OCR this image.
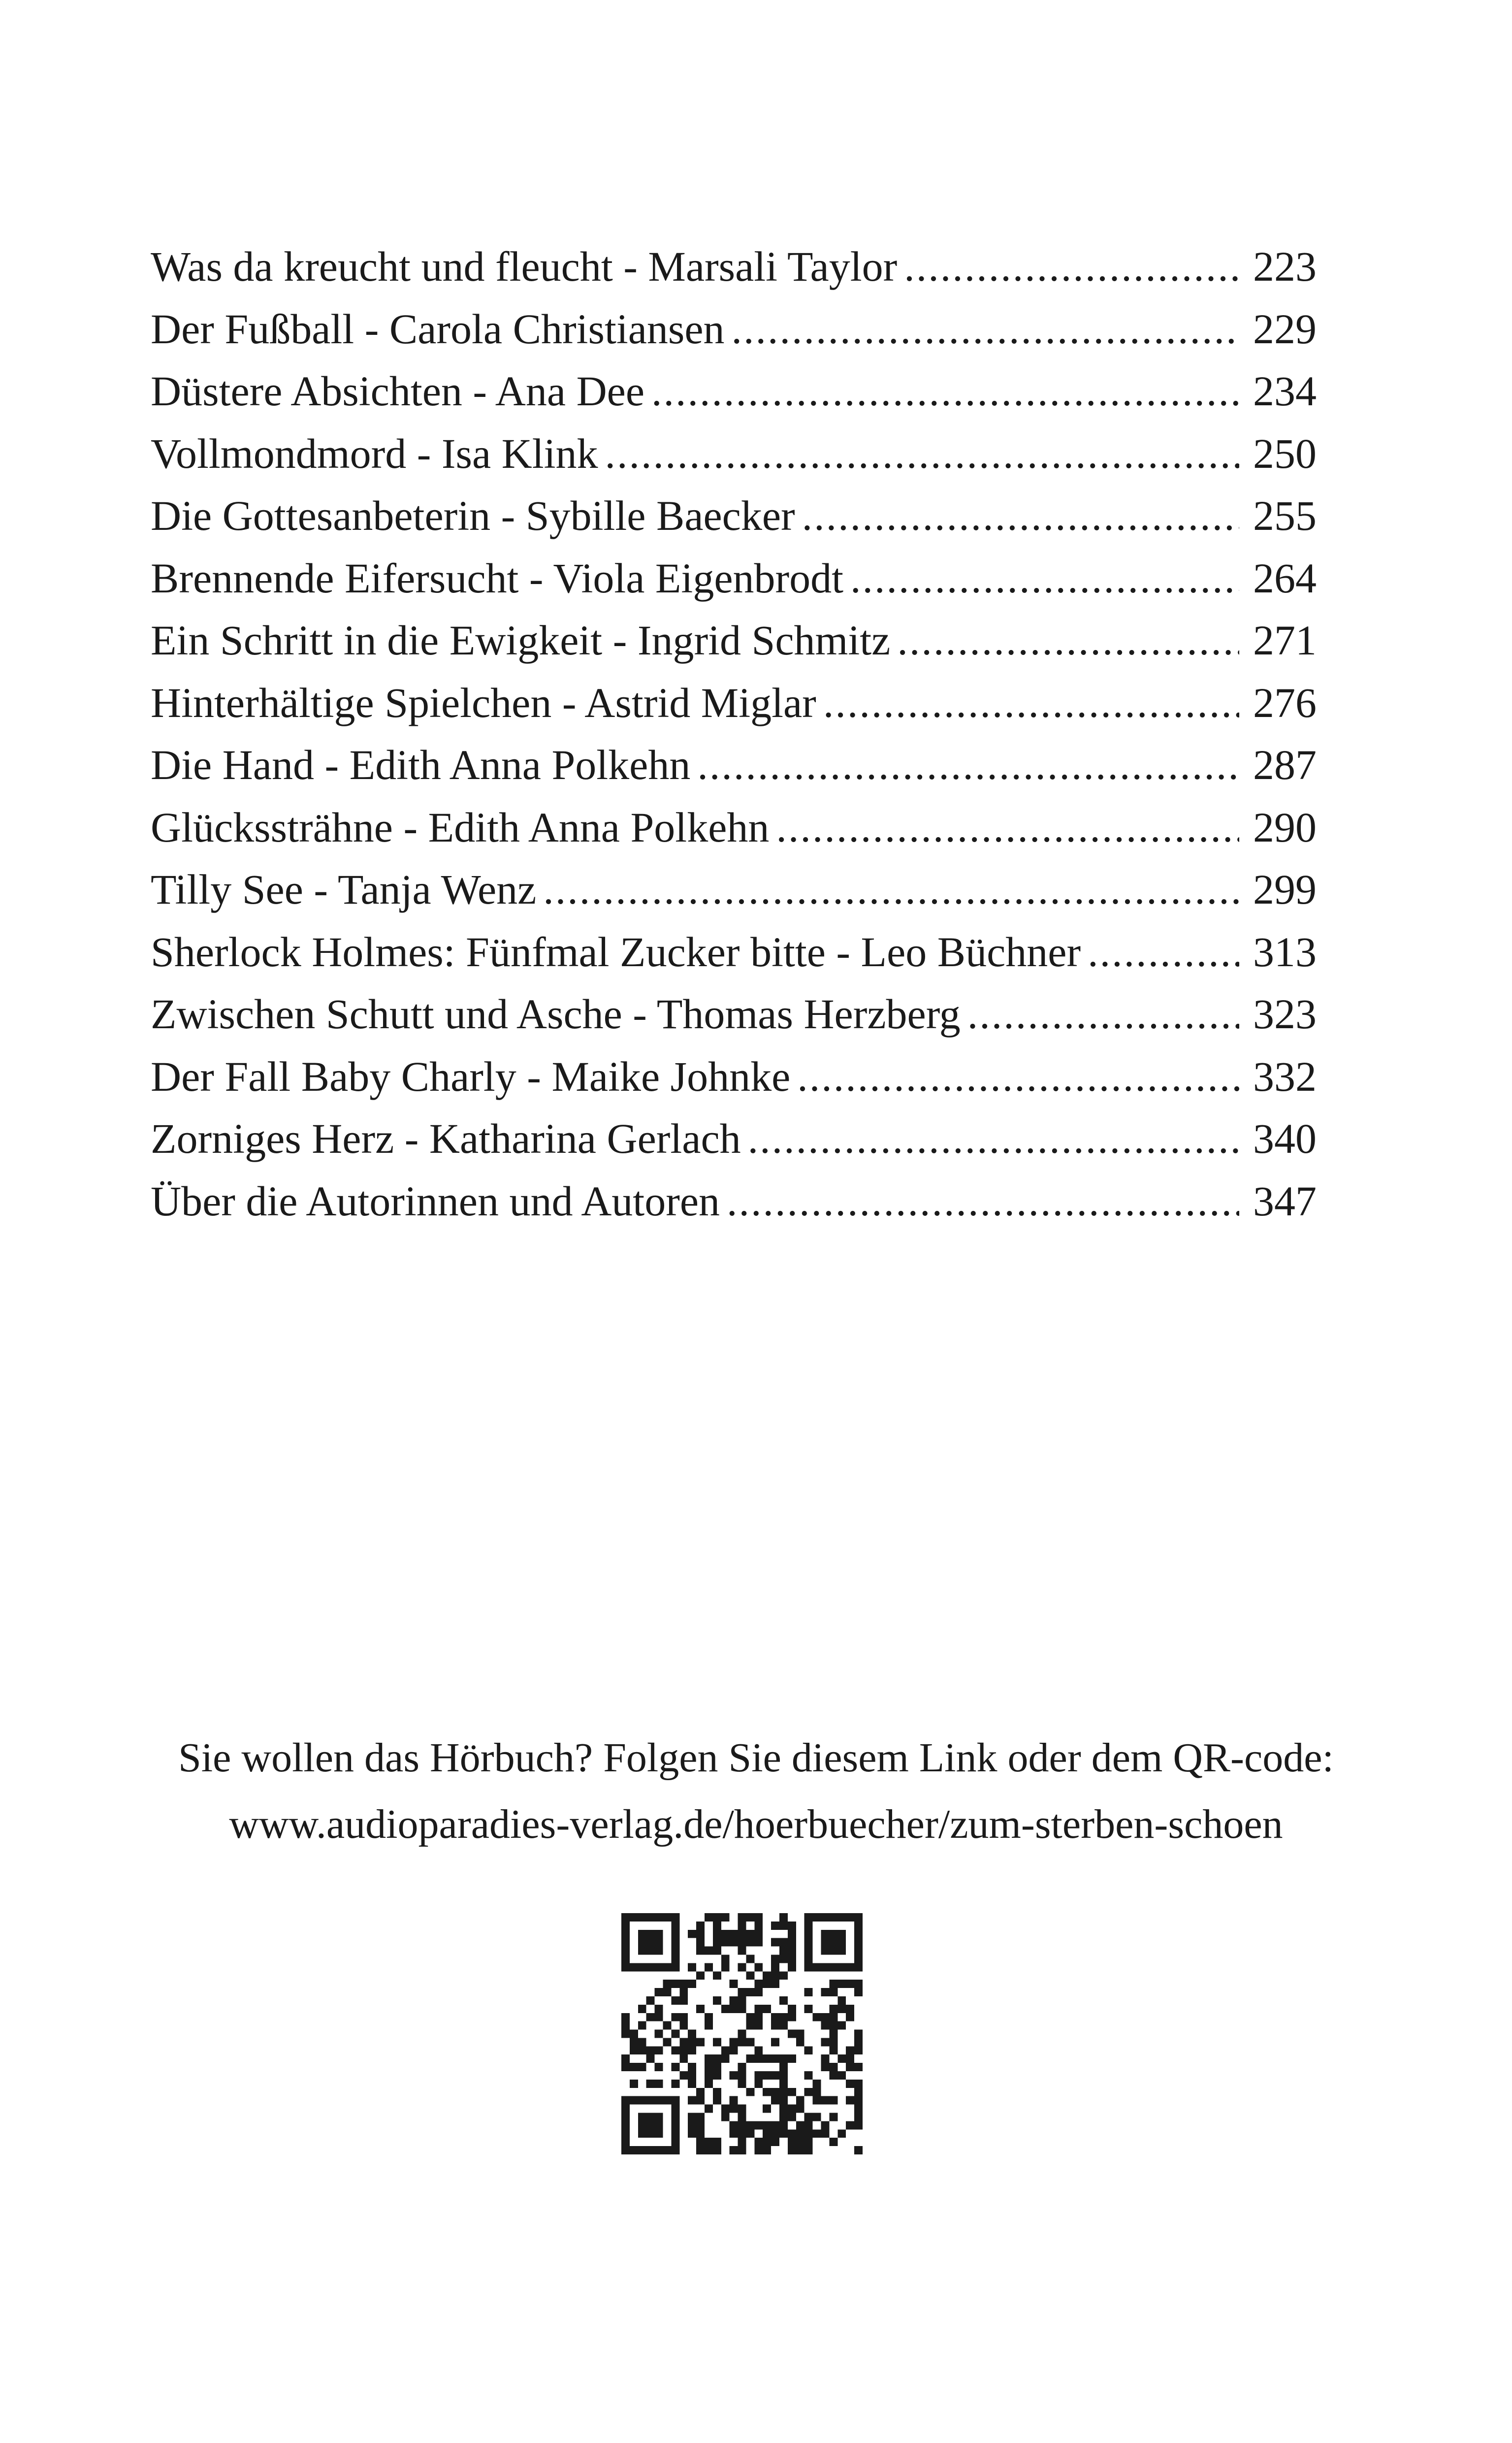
Was da kreucht und fleucht - Marsali Taylor .....	223
Der Fußball - Carola Christiansen .....	229
Düstere Absichten - Ana Dee .....	234
Vollmondmord - Isa Klink .....	250
Die Gottesanbeterin - Sybille Baecker .....	255
Brennende Eifersucht - Viola Eigenbrodt .....	264
Ein Schritt in die Ewigkeit - Ingrid Schmitz .....	271
Hinterhältige Spielchen - Astrid Miglar .....	276
Die Hand - Edith Anna Polkehn .....	287
Glückssträhne - Edith Anna Polkehn .....	290
Tilly See - Tanja Wenz .....	299
Sherlock Holmes: Fünfmal Zucker bitte - Leo Büchner .....	313
Zwischen Schutt und Asche - Thomas Herzberg .....	323
Der Fall Baby Charly - Maike Johnke .....	332
Zorniges Herz - Katharina Gerlach .....	340
Über die Autorinnen und Autoren .....	347
Sie wollen das Hörbuch? Folgen Sie diesem Link oder dem QR-code:
www.audioparadies-verlag.de/hoerbuecher/zum-sterben-schoen
